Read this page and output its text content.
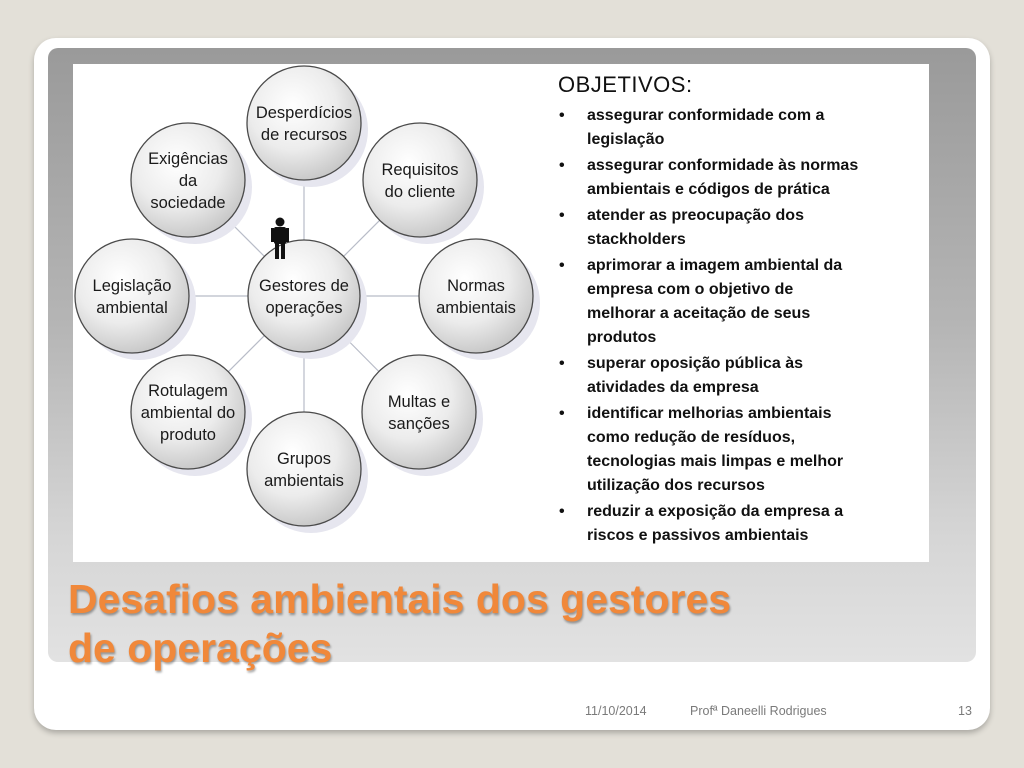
Desperdícios
de recursos
Requisitos
do cliente
Normas
ambientais
Multas e
sanções
Grupos
ambientais
Rotulagem
ambiental do
produto
Legislação
ambiental
Exigências
da
sociedade
Gestores de
operações
OBJETIVOS:
• assegurar conformidade com a
legislação
• assegurar conformidade às normas
ambientais e códigos de prática
• atender as preocupação dos
stackholders
• aprimorar a imagem ambiental da
empresa com o objetivo de
melhorar a aceitação de seus
produtos
• superar oposição pública às
atividades da empresa
• identificar melhorias ambientais
como redução de resíduos,
tecnologias mais limpas e melhor
utilização dos recursos
• reduzir a exposição da empresa a
riscos e passivos ambientais
Desafios ambientais dos gestores
de operações
11/10/2014	Profª Daneelli Rodrigues	13
